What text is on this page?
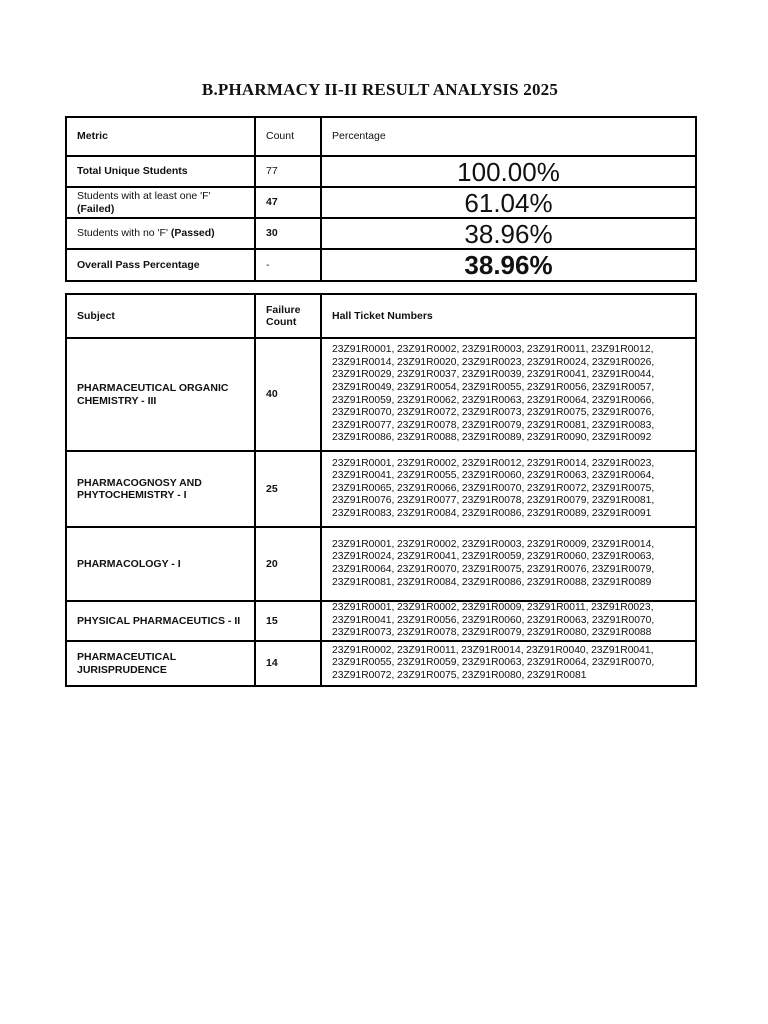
B.PHARMACY II-II RESULT ANALYSIS 2025
Metric	Count	Percentage
Total Unique Students	77	100.00%
Students with at least one 'F'
(Failed)	47	61.04%
Students with no 'F' (Passed)	30	38.96%
Overall Pass Percentage	-	38.96%
Subject	Failure Count	Hall Ticket Numbers
PHARMACEUTICAL ORGANIC CHEMISTRY - III	40	23Z91R0001, 23Z91R0002, 23Z91R0003, 23Z91R0011, 23Z91R0012, 23Z91R0014, 23Z91R0020, 23Z91R0023, 23Z91R0024, 23Z91R0026, 23Z91R0029, 23Z91R0037, 23Z91R0039, 23Z91R0041, 23Z91R0044, 23Z91R0049, 23Z91R0054, 23Z91R0055, 23Z91R0056, 23Z91R0057, 23Z91R0059, 23Z91R0062, 23Z91R0063, 23Z91R0064, 23Z91R0066, 23Z91R0070, 23Z91R0072, 23Z91R0073, 23Z91R0075, 23Z91R0076, 23Z91R0077, 23Z91R0078, 23Z91R0079, 23Z91R0081, 23Z91R0083, 23Z91R0086, 23Z91R0088, 23Z91R0089, 23Z91R0090, 23Z91R0092
PHARMACOGNOSY AND PHYTOCHEMISTRY - I	25	23Z91R0001, 23Z91R0002, 23Z91R0012, 23Z91R0014, 23Z91R0023, 23Z91R0041, 23Z91R0055, 23Z91R0060, 23Z91R0063, 23Z91R0064, 23Z91R0065, 23Z91R0066, 23Z91R0070, 23Z91R0072, 23Z91R0075, 23Z91R0076, 23Z91R0077, 23Z91R0078, 23Z91R0079, 23Z91R0081, 23Z91R0083, 23Z91R0084, 23Z91R0086, 23Z91R0089, 23Z91R0091
PHARMACOLOGY - I	20	23Z91R0001, 23Z91R0002, 23Z91R0003, 23Z91R0009, 23Z91R0014, 23Z91R0024, 23Z91R0041, 23Z91R0059, 23Z91R0060, 23Z91R0063, 23Z91R0064, 23Z91R0070, 23Z91R0075, 23Z91R0076, 23Z91R0079, 23Z91R0081, 23Z91R0084, 23Z91R0086, 23Z91R0088, 23Z91R0089
PHYSICAL PHARMACEUTICS - II	15	23Z91R0001, 23Z91R0002, 23Z91R0009, 23Z91R0011, 23Z91R0023, 23Z91R0041, 23Z91R0056, 23Z91R0060, 23Z91R0063, 23Z91R0070, 23Z91R0073, 23Z91R0078, 23Z91R0079, 23Z91R0080, 23Z91R0088
PHARMACEUTICAL JURISPRUDENCE	14	23Z91R0002, 23Z91R0011, 23Z91R0014, 23Z91R0040, 23Z91R0041, 23Z91R0055, 23Z91R0059, 23Z91R0063, 23Z91R0064, 23Z91R0070, 23Z91R0072, 23Z91R0075, 23Z91R0080, 23Z91R0081
